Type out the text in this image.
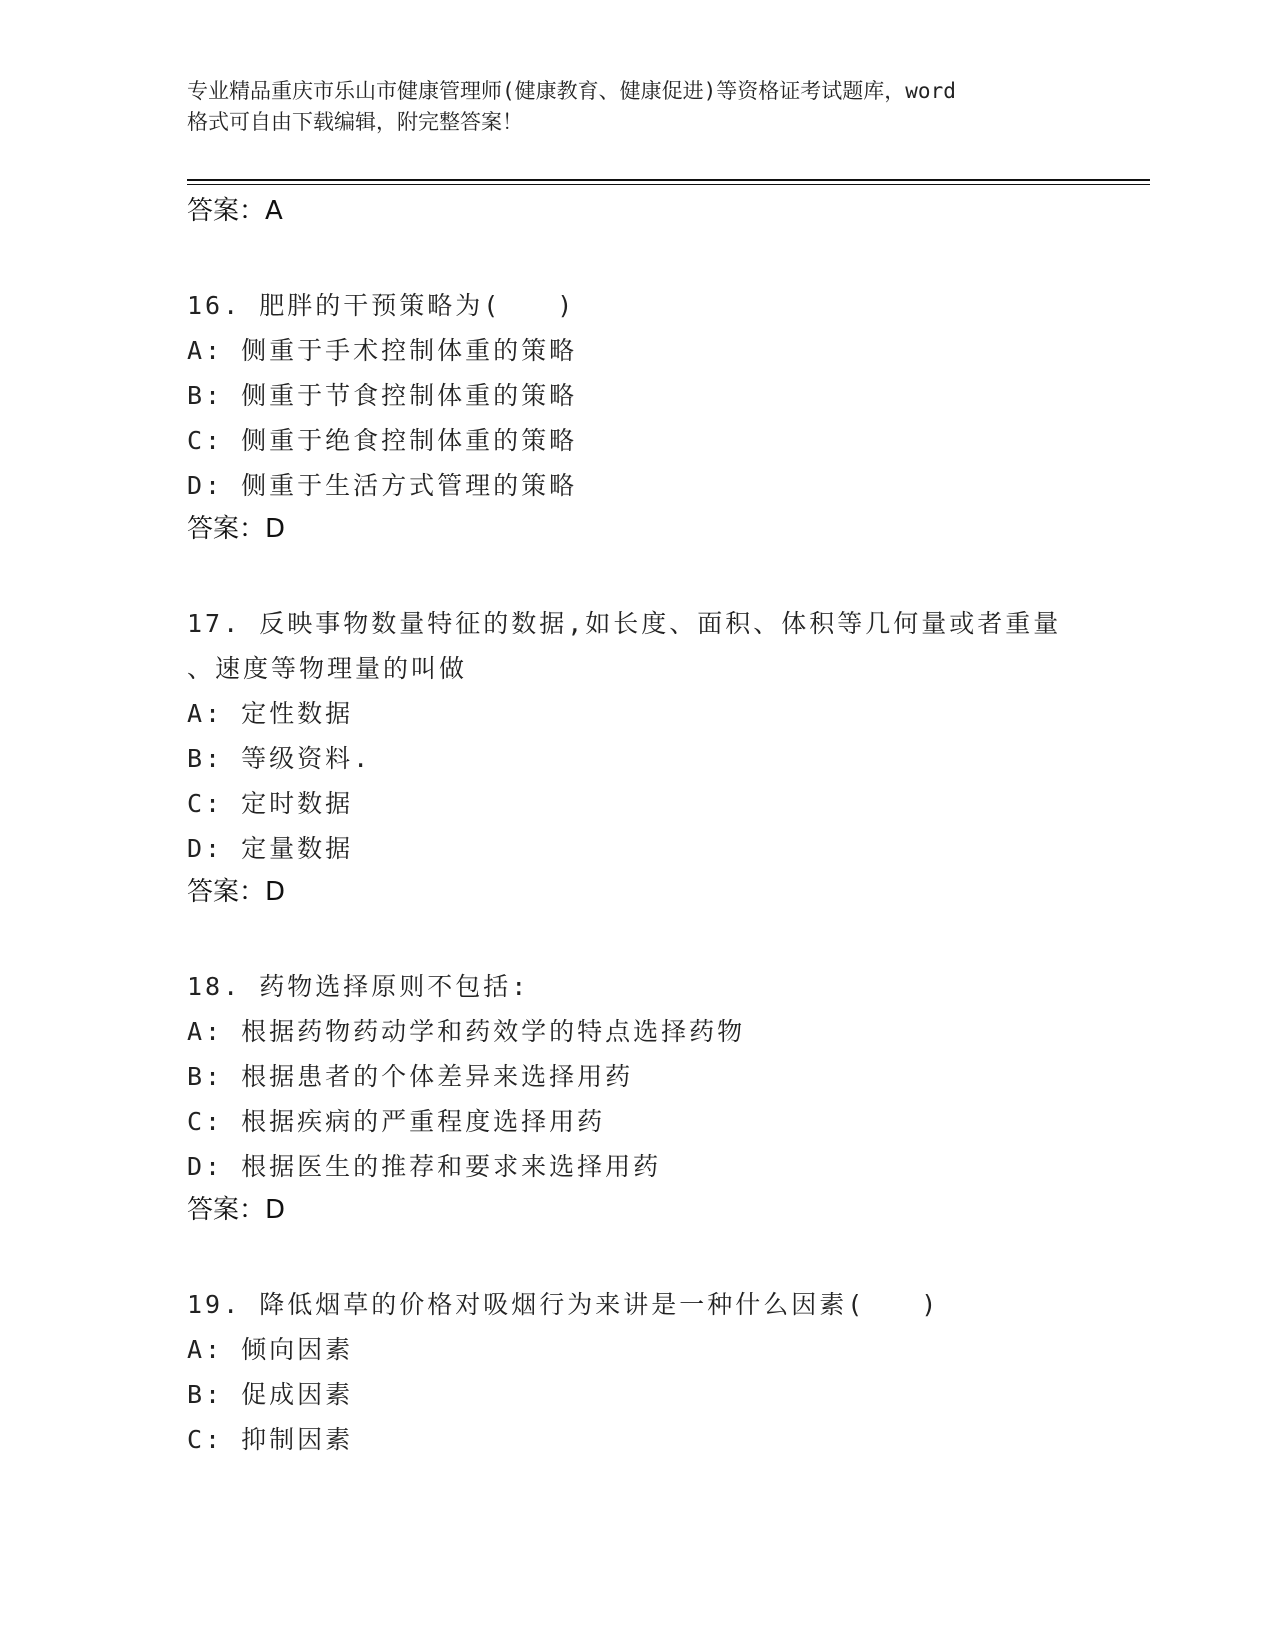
专业精品重庆市乐山市健康管理师(健康教育、健康促进)等资格证考试题库，word
格式可自由下载编辑，附完整答案！
答案：A
16. 肥胖的干预策略为(　　)
A: 侧重于手术控制体重的策略
B: 侧重于节食控制体重的策略
C: 侧重于绝食控制体重的策略
D: 侧重于生活方式管理的策略
答案：D
17. 反映事物数量特征的数据,如长度、面积、体积等几何量或者重量
、速度等物理量的叫做
A: 定性数据
B: 等级资料.
C: 定时数据
D: 定量数据
答案：D
18. 药物选择原则不包括:
A: 根据药物药动学和药效学的特点选择药物
B: 根据患者的个体差异来选择用药
C: 根据疾病的严重程度选择用药
D: 根据医生的推荐和要求来选择用药
答案：D
19. 降低烟草的价格对吸烟行为来讲是一种什么因素(　　)
A: 倾向因素
B: 促成因素
C: 抑制因素
